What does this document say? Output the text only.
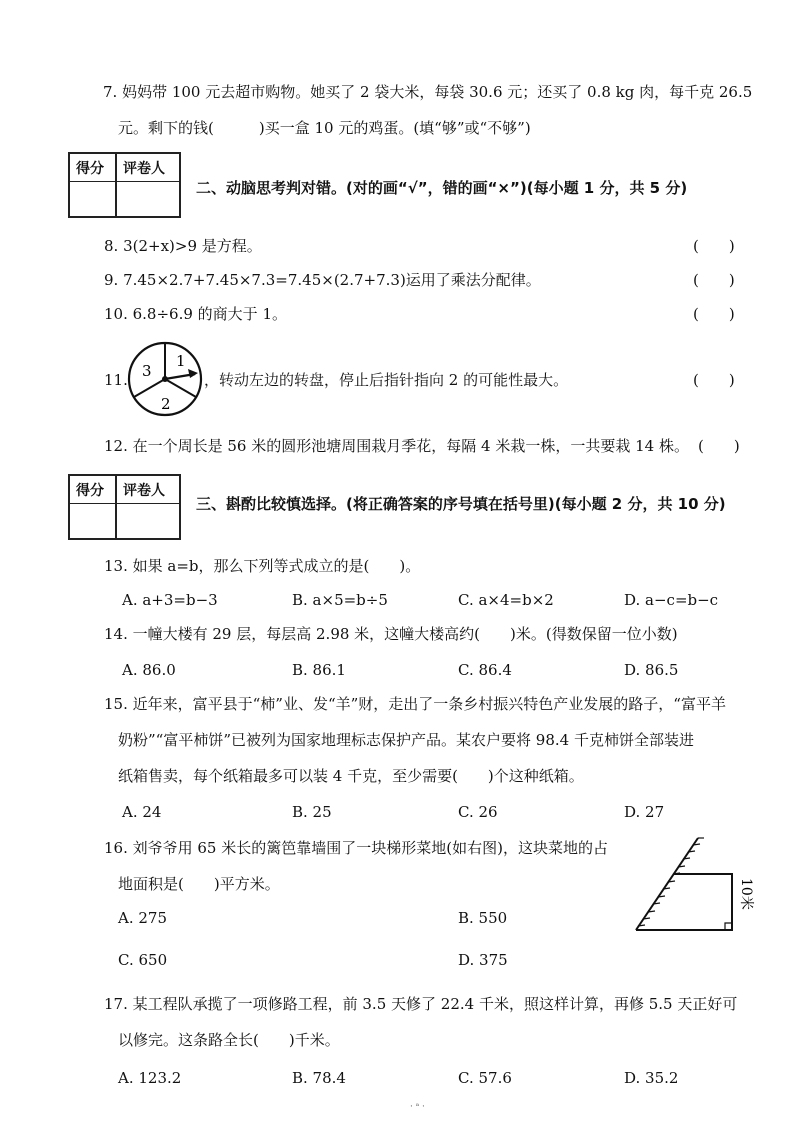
7. 妈妈带 100 元去超市购物。她买了 2 袋大米，每袋 30.6 元；还买了 0.8 kg 肉，每千克 26.5
元。剩下的钱(　　　)买一盒 10 元的鸡蛋。(填“够”或“不够”)
得分 评卷人
二、动脑思考判对错。(对的画“√”，错的画“×”)(每小题 1 分，共 5 分)
8. 3(2+x)>9 是方程。	(　　)
9. 7.45×2.7+7.45×7.3=7.45×(2.7+7.3)运用了乘法分配律。	(　　)
10. 6.8÷6.9 的商大于 1。	(　　)
11.
1
2
3	，转动左边的转盘，停止后指针指向 2 的可能性最大。	(　　)
12. 在一个周长是 56 米的圆形池塘周围栽月季花，每隔 4 米栽一株，一共要栽 14 株。 (　　)
得分 评卷人
三、斟酌比较慎选择。(将正确答案的序号填在括号里)(每小题 2 分，共 10 分)
13. 如果 a=b，那么下列等式成立的是(　　)。
A. a+3=b−3	B. a×5=b÷5	C. a×4=b×2	D. a−c=b−c
14. 一幢大楼有 29 层，每层高 2.98 米，这幢大楼高约(　　)米。(得数保留一位小数)
A. 86.0	B. 86.1	C. 86.4	D. 86.5
15. 近年来，富平县于“柿”业、发“羊”财，走出了一条乡村振兴特色产业发展的路子，“富平羊
奶粉”“富平柿饼”已被列为国家地理标志保护产品。某农户要将 98.4 千克柿饼全部装进
纸箱售卖，每个纸箱最多可以装 4 千克，至少需要(　　)个这种纸箱。
A. 24	B. 25	C. 26	D. 27
16. 刘爷爷用 65 米长的篱笆靠墙围了一块梯形菜地(如右图)，这块菜地的占
地面积是(　　)平方米。
A. 275	B. 550
C. 650	D. 375
10米
17. 某工程队承揽了一项修路工程，前 3.5 天修了 22.4 千米，照这样计算，再修 5.5 天正好可
以修完。这条路全长(　　)千米。
A. 123.2	B. 78.4	C. 57.6	D. 35.2
· ᵃ ·
